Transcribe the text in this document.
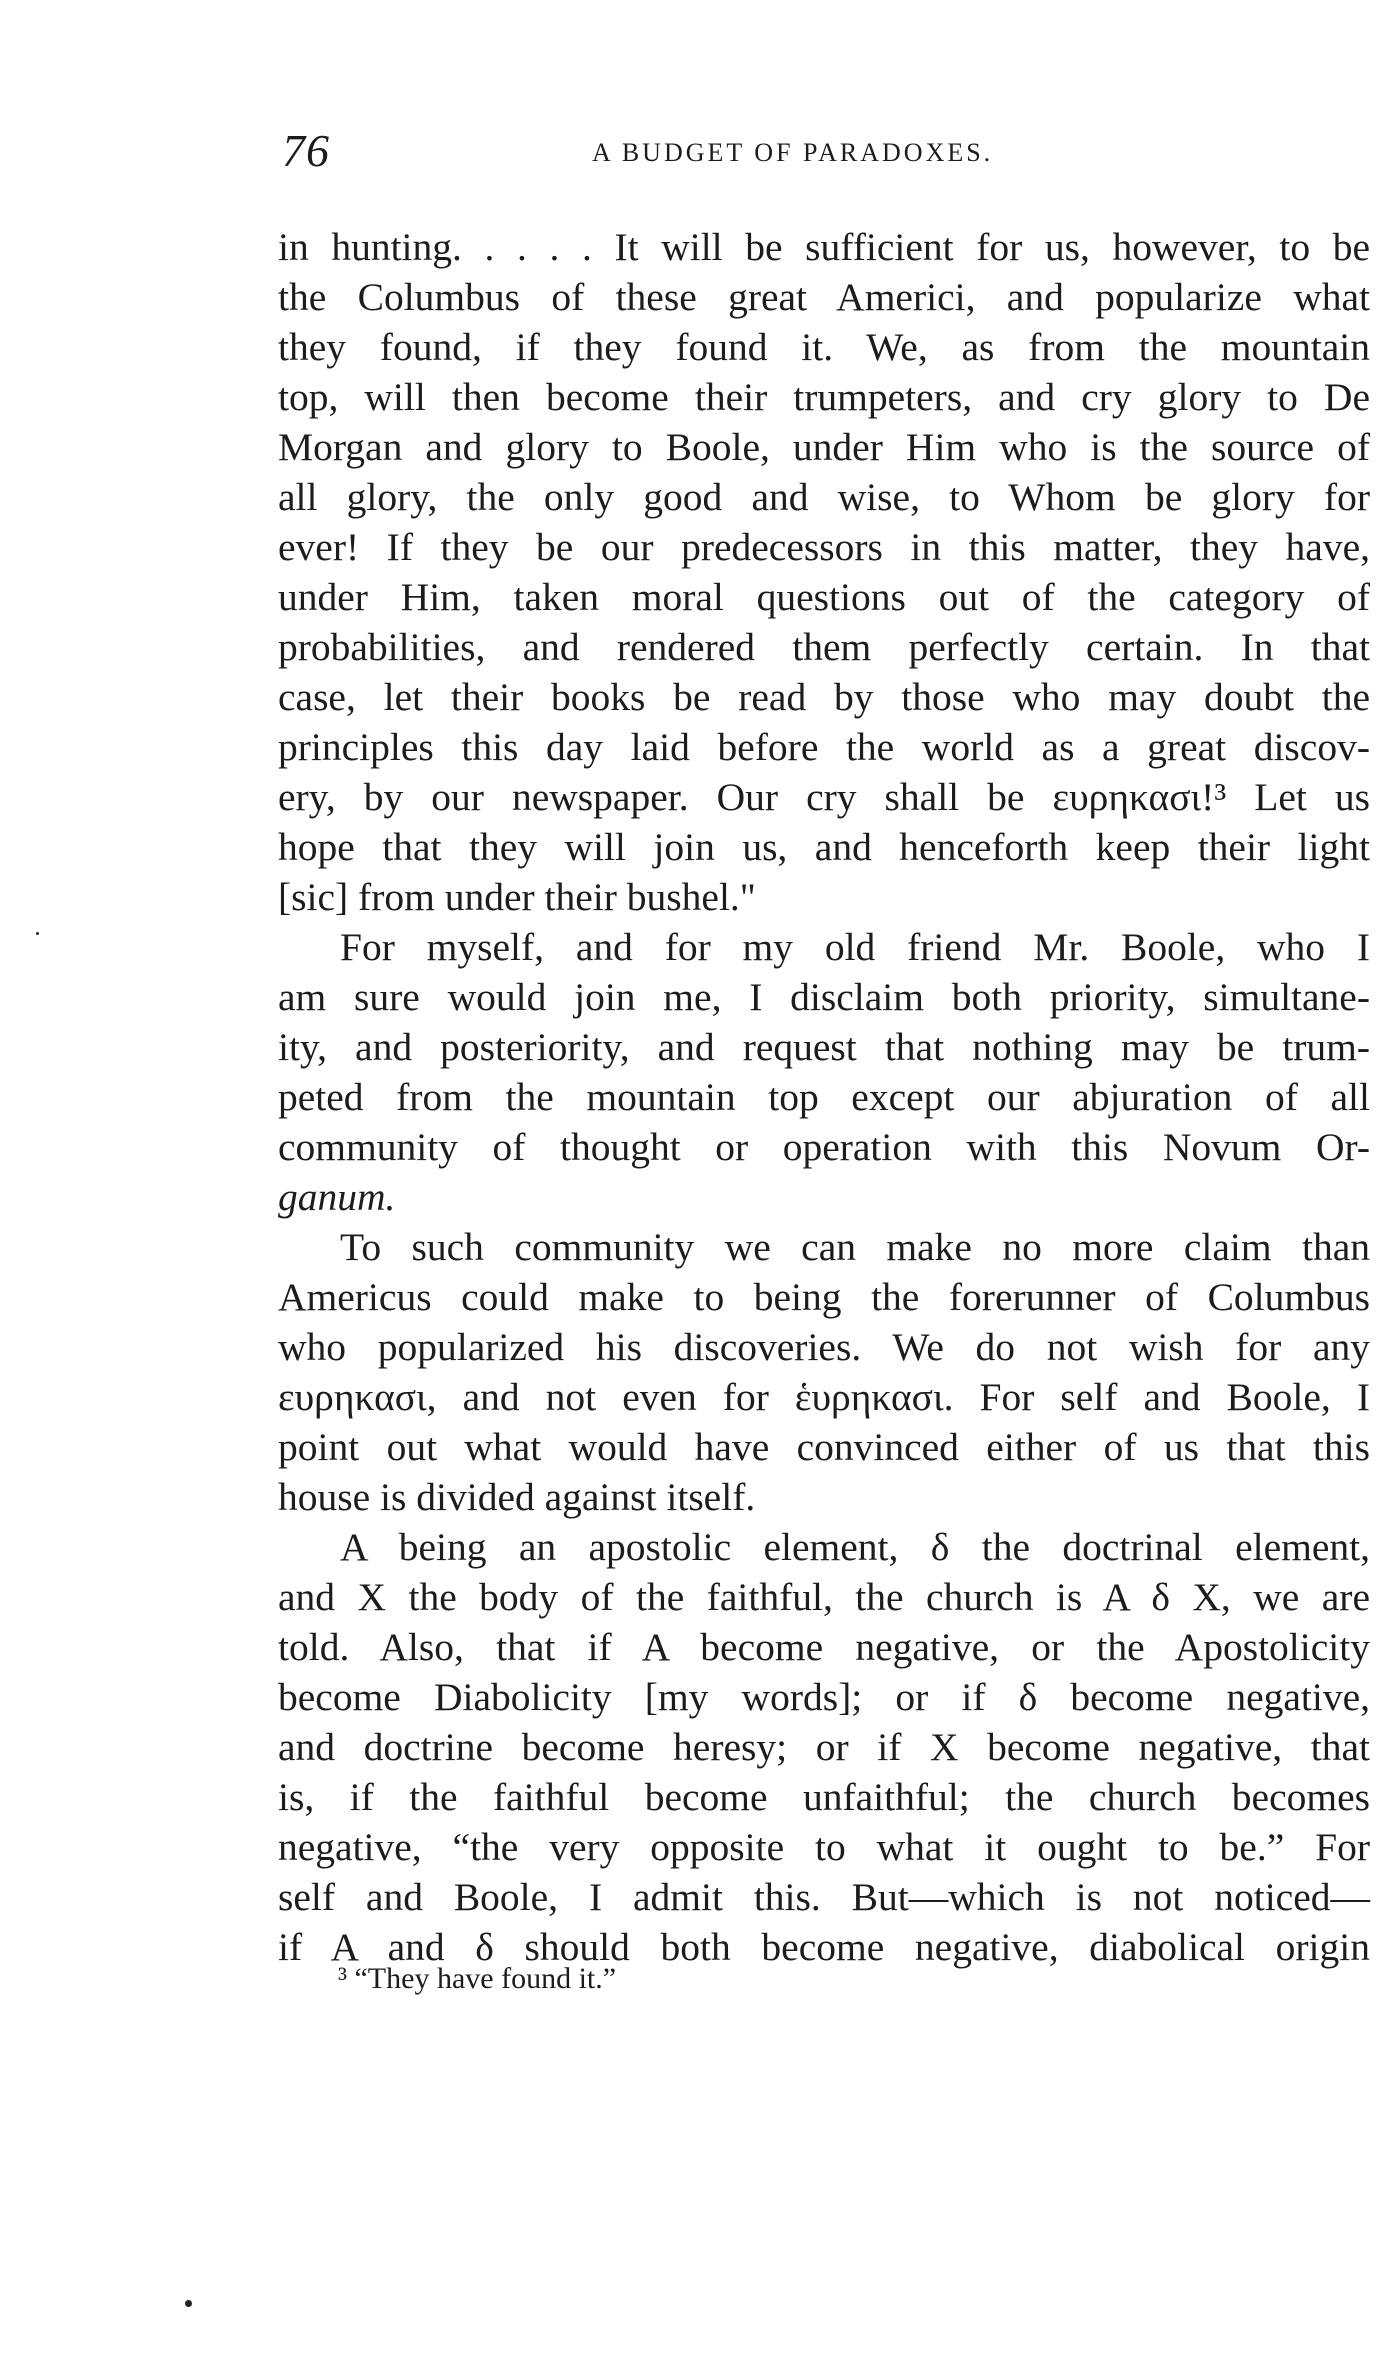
76	A BUDGET OF PARADOXES.
in hunting. . . . . It will be sufficient for us, however, to be
the Columbus of these great Americi, and popularize what
they found, if they found it. We, as from the mountain
top, will then become their trumpeters, and cry glory to De
Morgan and glory to Boole, under Him who is the source of
all glory, the only good and wise, to Whom be glory for
ever! If they be our predecessors in this matter, they have,
under Him, taken moral questions out of the category of
probabilities, and rendered them perfectly certain. In that
case, let their books be read by those who may doubt the
principles this day laid before the world as a great discov-
ery, by our newspaper. Our cry shall be ευρηκασι!³ Let us
hope that they will join us, and henceforth keep their light
[sic] from under their bushel."
For myself, and for my old friend Mr. Boole, who I
am sure would join me, I disclaim both priority, simultane-
ity, and posteriority, and request that nothing may be trum-
peted from the mountain top except our abjuration of all
community of thought or operation with this Novum Or-
ganum.
To such community we can make no more claim than
Americus could make to being the forerunner of Columbus
who popularized his discoveries. We do not wish for any
ευρηκασι, and not even for ἑυρηκασι. For self and Boole, I
point out what would have convinced either of us that this
house is divided against itself.
A being an apostolic element, δ the doctrinal element,
and X the body of the faithful, the church is A δ X, we are
told. Also, that if A become negative, or the Apostolicity
become Diabolicity [my words]; or if δ become negative,
and doctrine become heresy; or if X become negative, that
is, if the faithful become unfaithful; the church becomes
negative, “the very opposite to what it ought to be.” For
self and Boole, I admit this. But—which is not noticed—
if A and δ should both become negative, diabolical origin
³ “They have found it.”
